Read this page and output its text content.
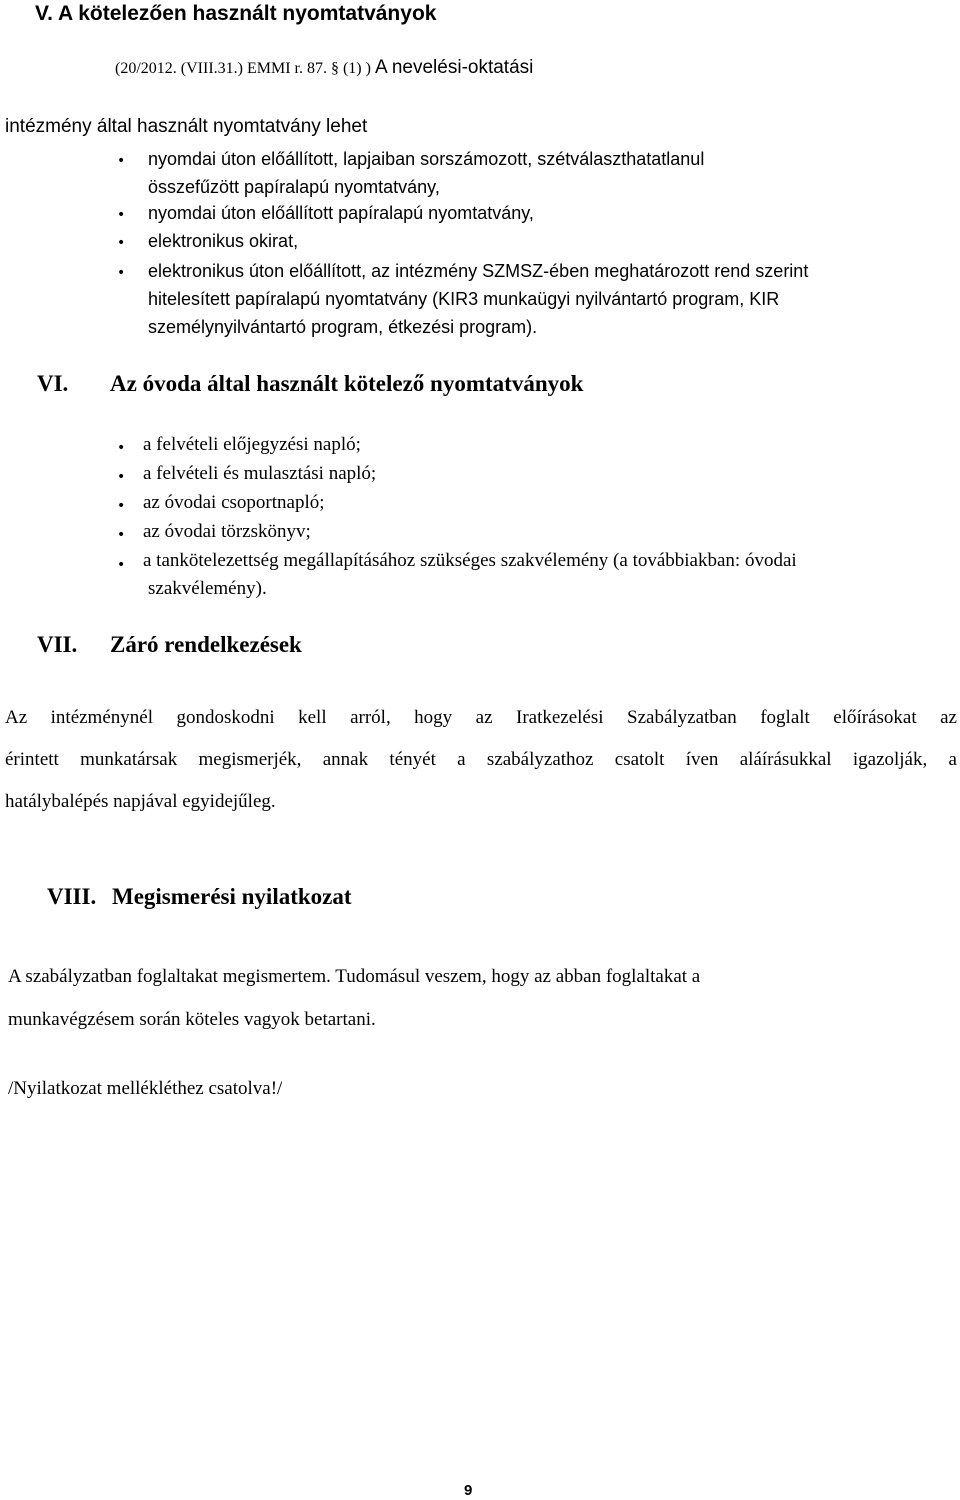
V. A kötelezően használt nyomtatványok
(20/2012. (VIII.31.) EMMI r. 87. § (1) ) A nevelési-oktatási
intézmény által használt nyomtatvány lehet
• nyomdai úton előállított, lapjaiban sorszámozott, szétválaszthatatlanul
összefűzött papíralapú nyomtatvány,
• nyomdai úton előállított papíralapú nyomtatvány,
• elektronikus okirat,
• elektronikus úton előállított, az intézmény SZMSZ-ében meghatározott rend szerint
hitelesített papíralapú nyomtatvány (KIR3 munkaügyi nyilvántartó program, KIR
személynyilvántartó program, étkezési program).
VI. Az óvoda által használt kötelező nyomtatványok
• a felvételi előjegyzési napló;
• a felvételi és mulasztási napló;
• az óvodai csoportnapló;
• az óvodai törzskönyv;
• a tankötelezettség megállapításához szükséges szakvélemény (a továbbiakban: óvodai
szakvélemény).
VII. Záró rendelkezések
Az intézménynél gondoskodni kell arról, hogy az Iratkezelési Szabályzatban foglalt előírásokat az
érintett munkatársak megismerjék, annak tényét a szabályzathoz csatolt íven aláírásukkal igazolják, a
hatálybalépés napjával egyidejűleg.
VIII. Megismerési nyilatkozat
A szabályzatban foglaltakat megismertem. Tudomásul veszem, hogy az abban foglaltakat a
munkavégzésem során köteles vagyok betartani.
/Nyilatkozat mellékléthez csatolva!/
9
